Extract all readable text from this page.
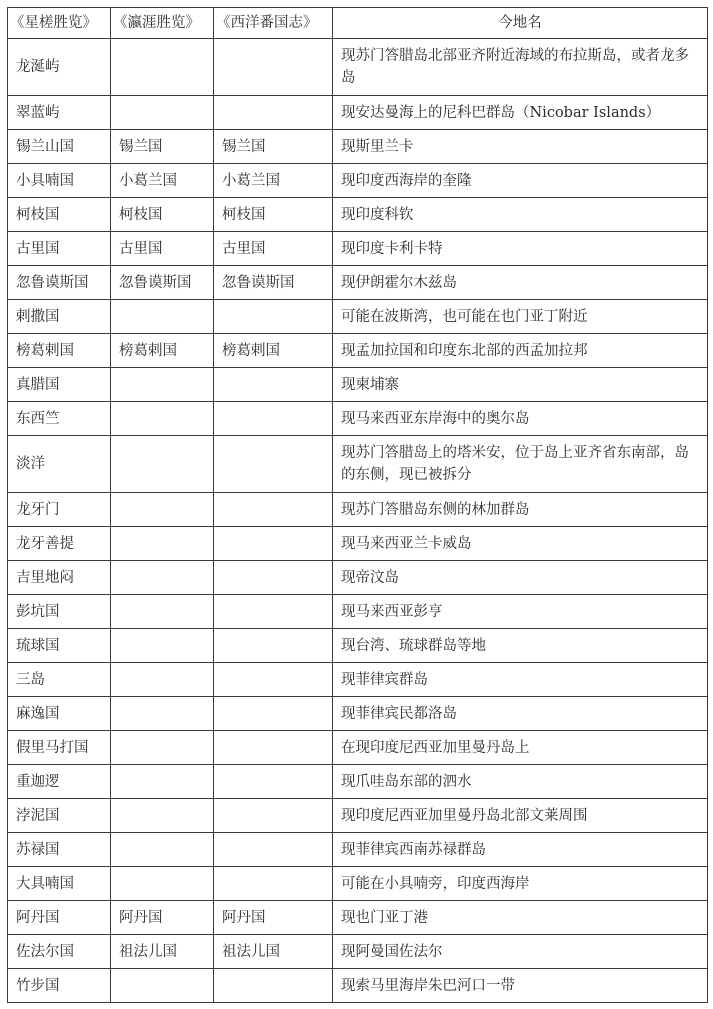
《星槎胜览》	《瀛涯胜览》	《西洋番国志》	今地名
龙涎屿			现苏门答腊岛北部亚齐附近海域的布拉斯岛，或者龙多岛
翠蓝屿			现安达曼海上的尼科巴群岛（Nicobar Islands）
锡兰山国	锡兰国	锡兰国	现斯里兰卡
小具喃国	小葛兰国	小葛兰国	现印度西海岸的奎隆
柯枝国	柯枝国	柯枝国	现印度科钦
古里国	古里国	古里国	现印度卡利卡特
忽鲁谟斯国	忽鲁谟斯国	忽鲁谟斯国	现伊朗霍尔木兹岛
剌撒国			可能在波斯湾，也可能在也门亚丁附近
榜葛剌国	榜葛剌国	榜葛剌国	现孟加拉国和印度东北部的西孟加拉邦
真腊国			现柬埔寨
东西竺			现马来西亚东岸海中的奥尔岛
淡洋			现苏门答腊岛上的塔米安，位于岛上亚齐省东南部，岛的东侧，现已被拆分
龙牙门			现苏门答腊岛东侧的林加群岛
龙牙善提			现马来西亚兰卡威岛
吉里地闷			现帝汶岛
彭坑国			现马来西亚彭亨
琉球国			现台湾、琉球群岛等地
三岛			现菲律宾群岛
麻逸国			现菲律宾民都洛岛
假里马打国			在现印度尼西亚加里曼丹岛上
重迦逻			现爪哇岛东部的泗水
浡泥国			现印度尼西亚加里曼丹岛北部文莱周围
苏禄国			现菲律宾西南苏禄群岛
大具喃国			可能在小具喃旁，印度西海岸
阿丹国	阿丹国	阿丹国	现也门亚丁港
佐法尔国	祖法儿国	祖法儿国	现阿曼国佐法尔
竹步国			现索马里海岸朱巴河口一带
